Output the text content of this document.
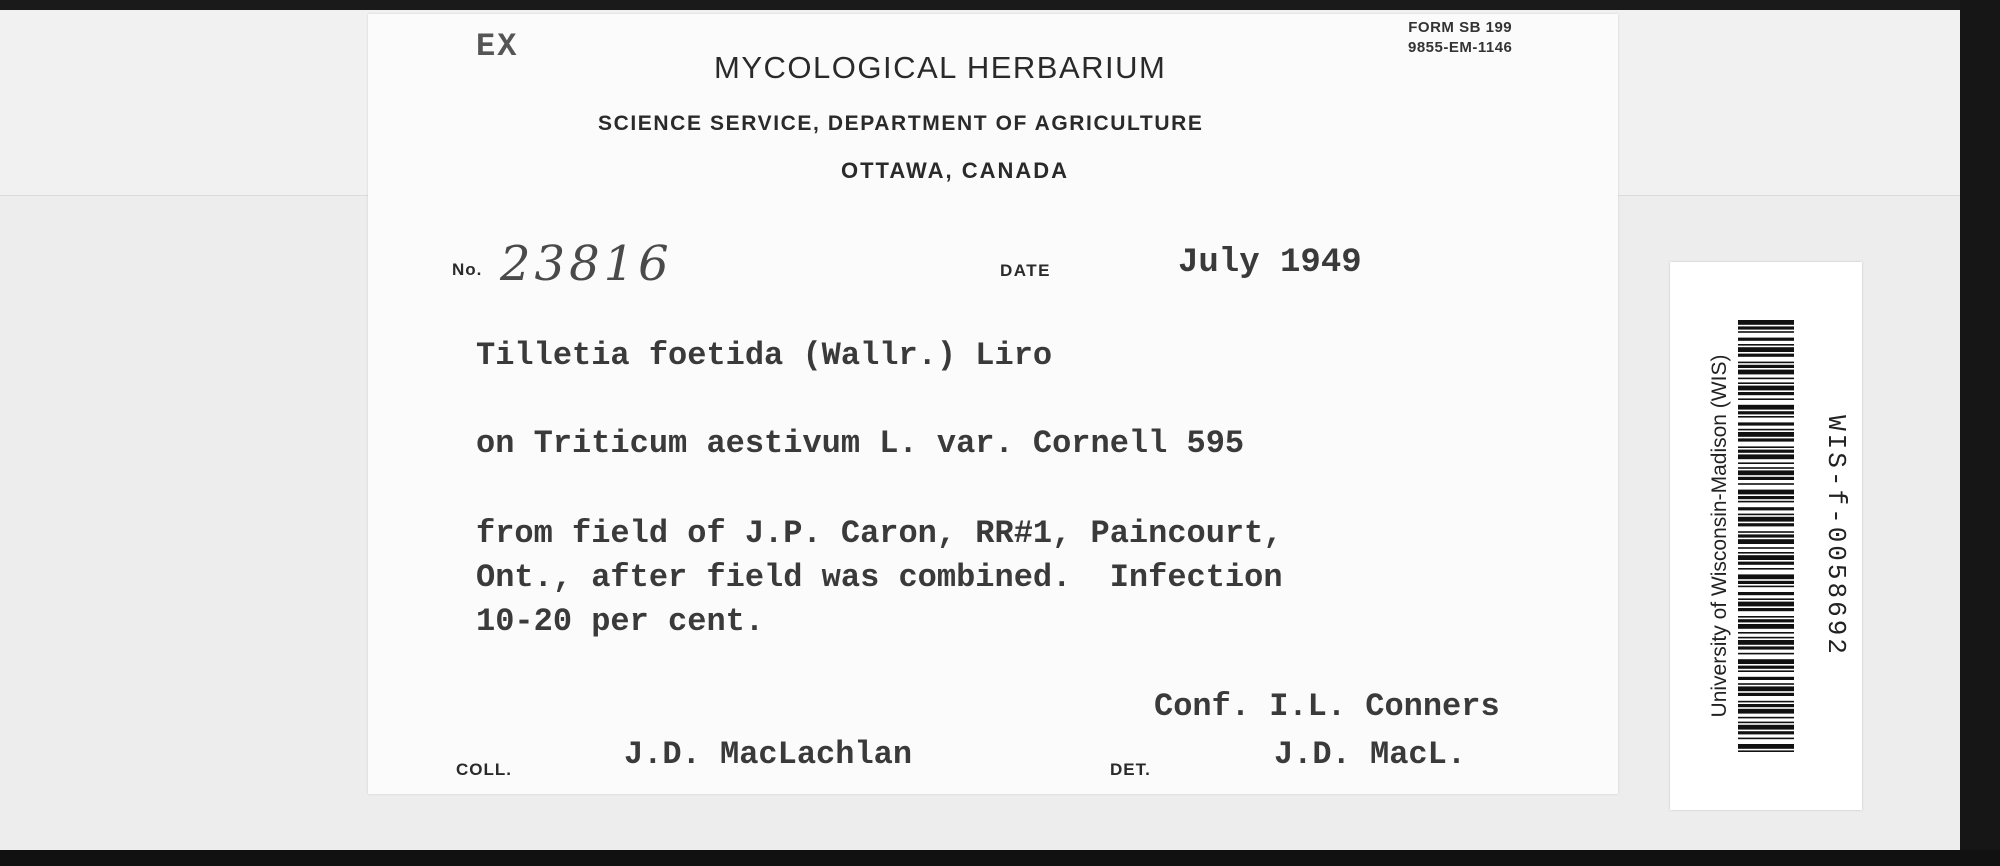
EX
FORM SB 199
9855-EM-1146
MYCOLOGICAL HERBARIUM
SCIENCE SERVICE, DEPARTMENT OF AGRICULTURE
OTTAWA, CANADA
No. 23816	DATE	July 1949
Tilletia foetida (Wallr.) Liro
on Triticum aestivum L. var. Cornell 595
from field of J.P. Caron, RR#1, Paincourt,
Ont., after field was combined.  Infection
10-20 per cent.
Conf. I.L. Conners
COLL.	J.D. MacLachlan	DET.	J.D. MacL.
University of Wisconsin-Madison (WIS)	WIS-f-0058692
